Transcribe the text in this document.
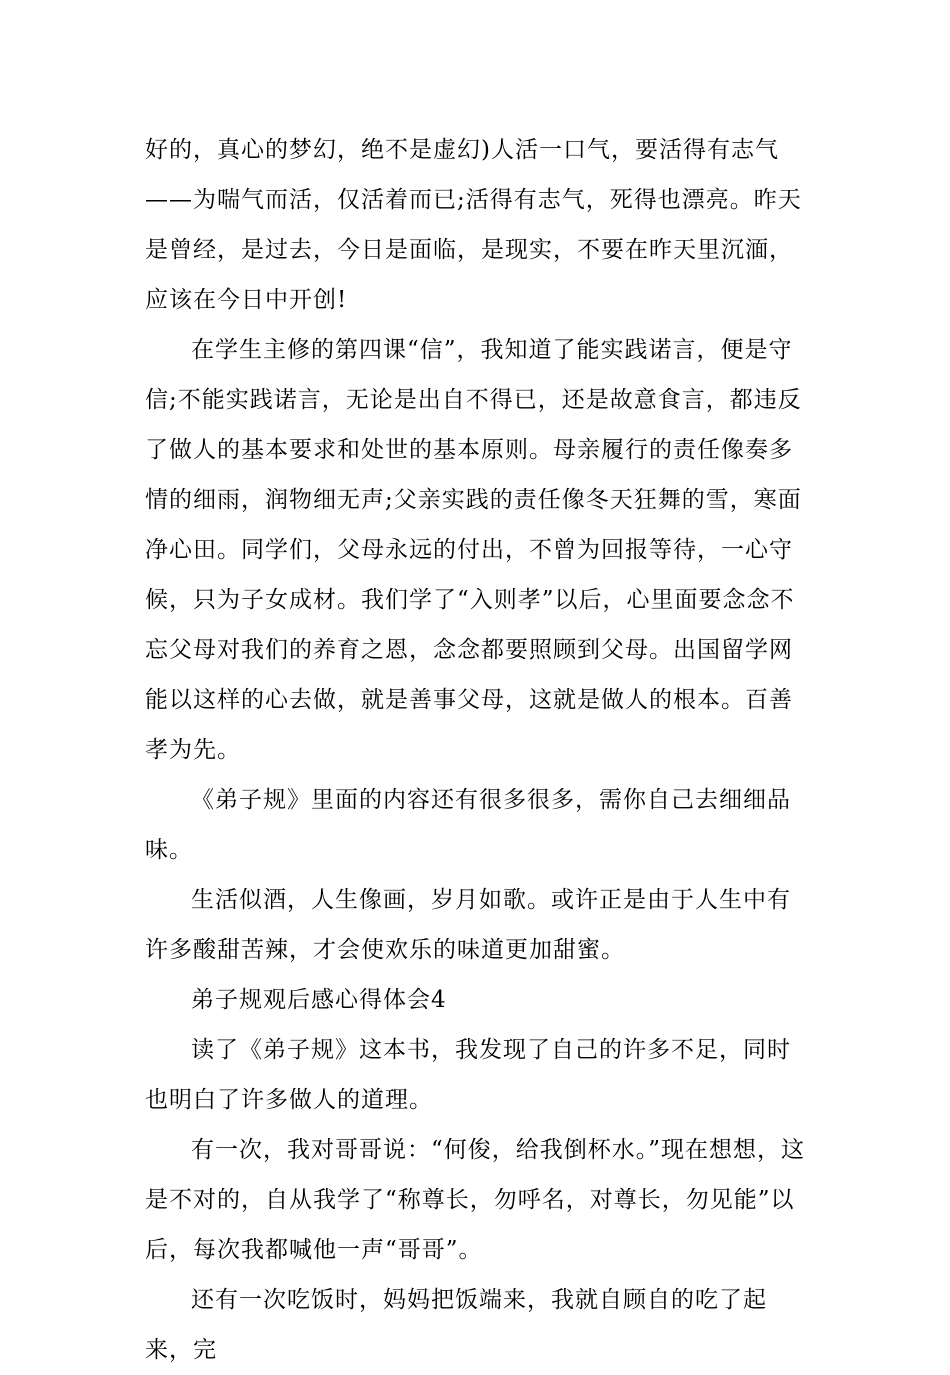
好的，真心的梦幻，绝不是虚幻)人活一口气，要活得有志气——为喘气而活，仅活着而已;活得有志气，死得也漂亮。昨天是曾经，是过去，今日是面临，是现实，不要在昨天里沉湎，应该在今日中开创!

在学生主修的第四课“信”，我知道了能实践诺言，便是守信;不能实践诺言，无论是出自不得已，还是故意食言，都违反了做人的基本要求和处世的基本原则。母亲履行的责任像奏多情的细雨，润物细无声;父亲实践的责任像冬天狂舞的雪，寒面净心田。同学们，父母永远的付出，不曾为回报等待，一心守候，只为子女成材。我们学了“入则孝”以后，心里面要念念不忘父母对我们的养育之恩，念念都要照顾到父母。出国留学网能以这样的心去做，就是善事父母，这就是做人的根本。百善孝为先。

《弟子规》里面的内容还有很多很多，需你自己去细细品味。

生活似酒，人生像画，岁月如歌。或许正是由于人生中有许多酸甜苦辣，才会使欢乐的味道更加甜蜜。

弟子规观后感心得体会4

读了《弟子规》这本书，我发现了自己的许多不足，同时也明白了许多做人的道理。

有一次，我对哥哥说：“何俊，给我倒杯水。”现在想想，这是不对的，自从我学了“称尊长，勿呼名，对尊长，勿见能”以后，每次我都喊他一声“哥哥”。

还有一次吃饭时，妈妈把饭端来，我就自顾自的吃了起来，完
